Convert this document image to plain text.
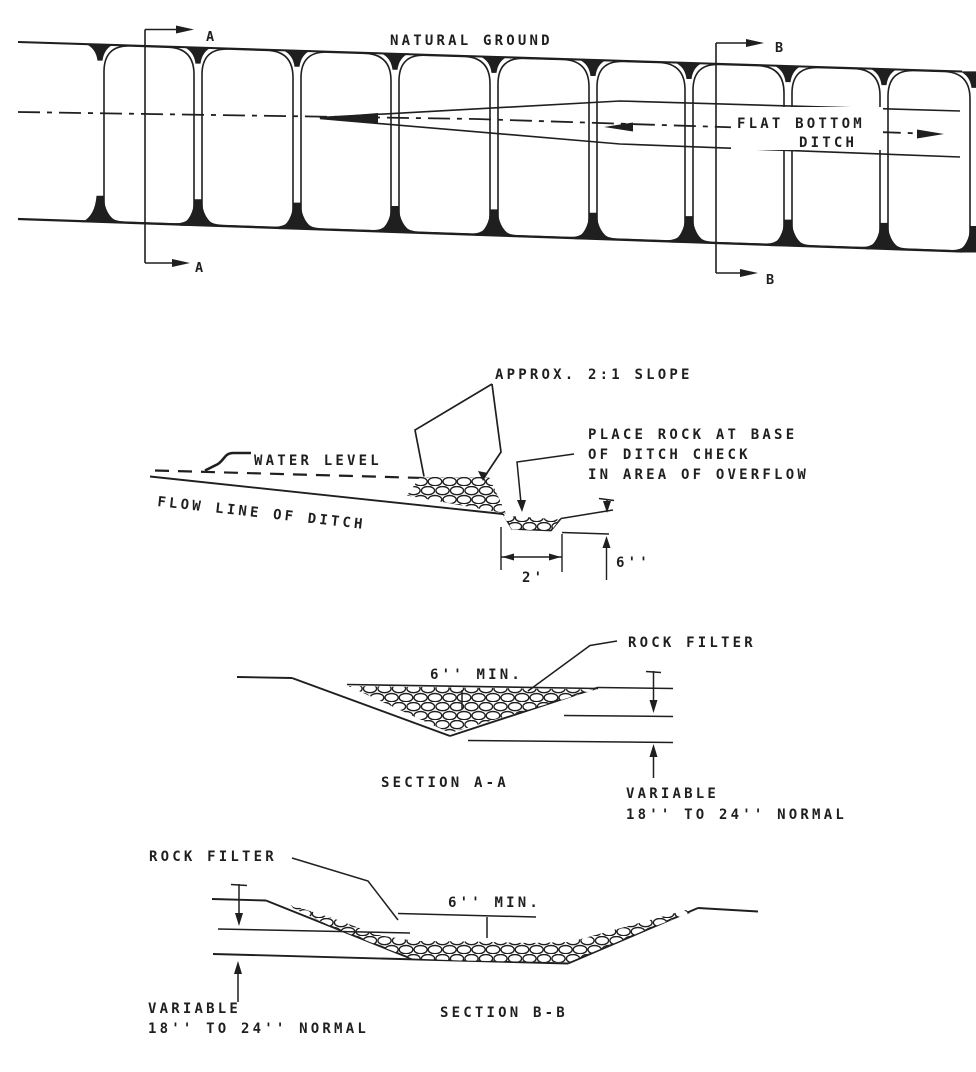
A
A
B
B
NATURAL GROUND
FLAT BOTTOM
DITCH
WATER LEVEL
FLOW LINE OF DITCH
APPROX. 2:1 SLOPE
PLACE ROCK AT BASE
OF DITCH CHECK
IN AREA OF OVERFLOW
6''
2'
6'' MIN.
ROCK FILTER
VARIABLE
18'' TO 24'' NORMAL
SECTION A-A
6'' MIN.
ROCK FILTER
VARIABLE
18'' TO 24'' NORMAL
SECTION B-B
